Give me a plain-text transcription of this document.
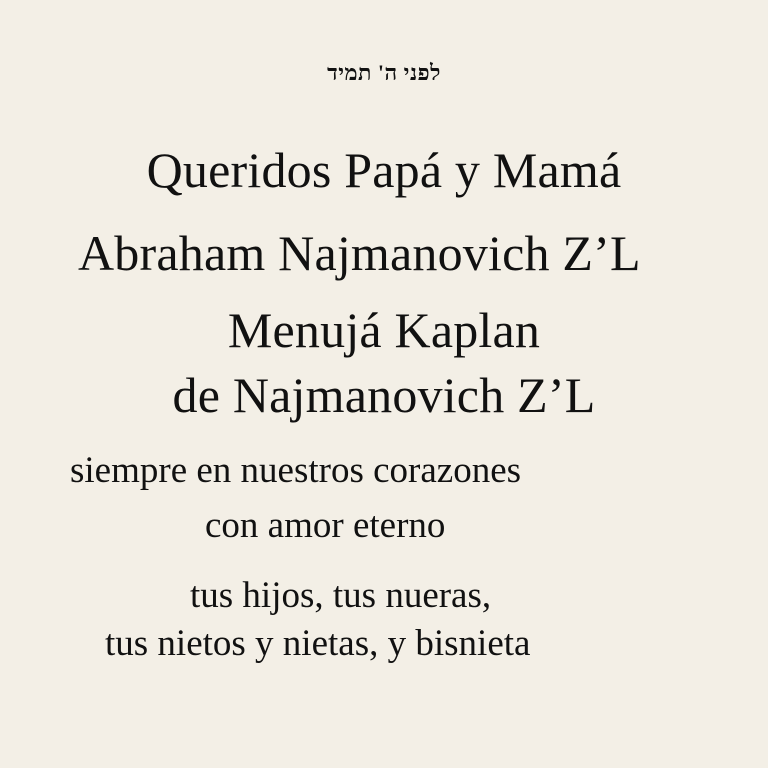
לפני ה' תמיד
Queridos Papá y Mamá
Abraham Najmanovich Z’L
Menujá Kaplan
de Najmanovich Z’L
siempre en nuestros corazones
con amor eterno
tus hijos, tus nueras,
tus nietos y nietas, y bisnieta
